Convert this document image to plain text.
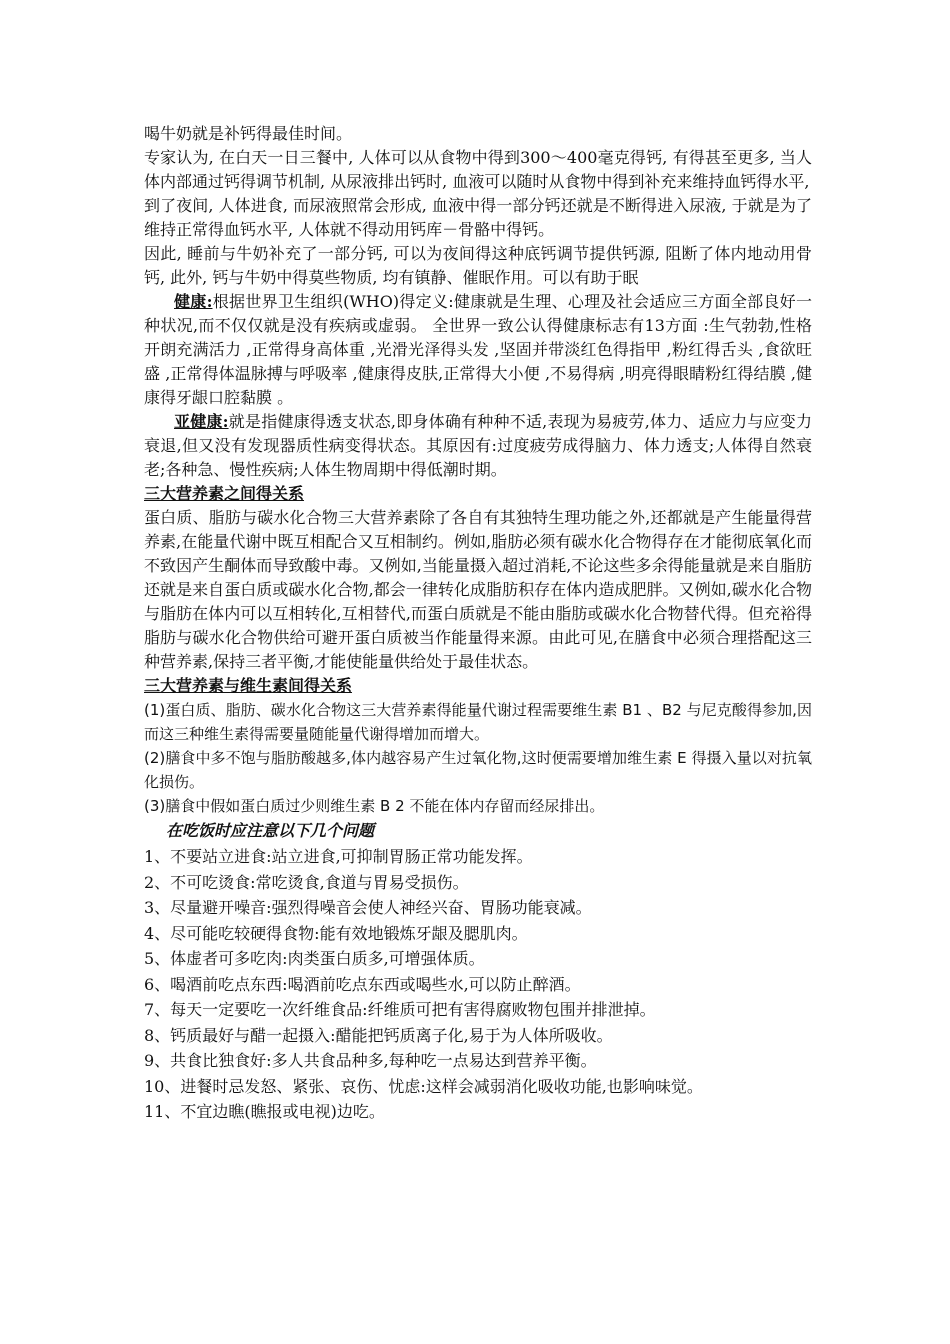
喝牛奶就是补钙得最佳时间。

专家认为, 在白天一日三餐中, 人体可以从食物中得到300～400毫克得钙, 有得甚至更多, 当人体内部通过钙得调节机制, 从尿液排出钙时, 血液可以随时从食物中得到补充来维持血钙得水平,

到了夜间, 人体进食, 而尿液照常会形成, 血液中得一部分钙还就是不断得进入尿液, 于就是为了维持正常得血钙水平, 人体就不得动用钙库－骨骼中得钙。

因此, 睡前与牛奶补充了一部分钙, 可以为夜间得这种底钙调节提供钙源, 阻断了体内地动用骨钙, 此外, 钙与牛奶中得莫些物质, 均有镇静、催眠作用。可以有助于眠

健康:根据世界卫生组织(WHO)得定义:健康就是生理、心理及社会适应三方面全部良好一种状况,而不仅仅就是没有疾病或虚弱。 全世界一致公认得健康标志有13方面 :生气勃勃,性格开朗充满活力 ,正常得身高体重 ,光滑光泽得头发 ,坚固并带淡红色得指甲 ,粉红得舌头 ,食欲旺盛 ,正常得体温脉搏与呼吸率 ,健康得皮肤,正常得大小便 ,不易得病 ,明亮得眼睛粉红得结膜 ,健康得牙龈口腔黏膜 。

亚健康:就是指健康得透支状态,即身体确有种种不适,表现为易疲劳,体力、适应力与应变力衰退,但又没有发现器质性病变得状态。其原因有:过度疲劳成得脑力、体力透支;人体得自然衰老;各种急、慢性疾病;人体生物周期中得低潮时期。

三大营养素之间得关系

蛋白质、脂肪与碳水化合物三大营养素除了各自有其独特生理功能之外,还都就是产生能量得营养素,在能量代谢中既互相配合又互相制约。例如,脂肪必须有碳水化合物得存在才能彻底氧化而不致因产生酮体而导致酸中毒。又例如,当能量摄入超过消耗,不论这些多余得能量就是来自脂肪还就是来自蛋白质或碳水化合物,都会一律转化成脂肪积存在体内造成肥胖。又例如,碳水化合物与脂肪在体内可以互相转化,互相替代,而蛋白质就是不能由脂肪或碳水化合物替代得。但充裕得脂肪与碳水化合物供给可避开蛋白质被当作能量得来源。由此可见,在膳食中必须合理搭配这三种营养素,保持三者平衡,才能使能量供给处于最佳状态。

三大营养素与维生素间得关系

(1)蛋白质、脂肪、碳水化合物这三大营养素得能量代谢过程需要维生素 B1 、B2 与尼克酸得参加,因而这三种维生素得需要量随能量代谢得增加而增大。

(2)膳食中多不饱与脂肪酸越多,体内越容易产生过氧化物,这时便需要增加维生素 E 得摄入量以对抗氧化损伤。

(3)膳食中假如蛋白质过少则维生素 B 2 不能在体内存留而经尿排出。

在吃饭时应注意以下几个问题

1、不要站立进食:站立进食,可抑制胃肠正常功能发挥。
2、不可吃烫食:常吃烫食,食道与胃易受损伤。
3、尽量避开噪音:强烈得噪音会使人神经兴奋、胃肠功能衰减。
4、尽可能吃较硬得食物:能有效地锻炼牙龈及腮肌肉。
5、体虚者可多吃肉:肉类蛋白质多,可增强体质。
6、喝酒前吃点东西:喝酒前吃点东西或喝些水,可以防止醉酒。
7、每天一定要吃一次纤维食品:纤维质可把有害得腐败物包围并排泄掉。
8、钙质最好与醋一起摄入:醋能把钙质离子化,易于为人体所吸收。
9、共食比独食好:多人共食品种多,每种吃一点易达到营养平衡。
10、进餐时忌发怒、紧张、哀伤、忧虑:这样会减弱消化吸收功能,也影响味觉。
11、不宜边瞧(瞧报或电视)边吃。
